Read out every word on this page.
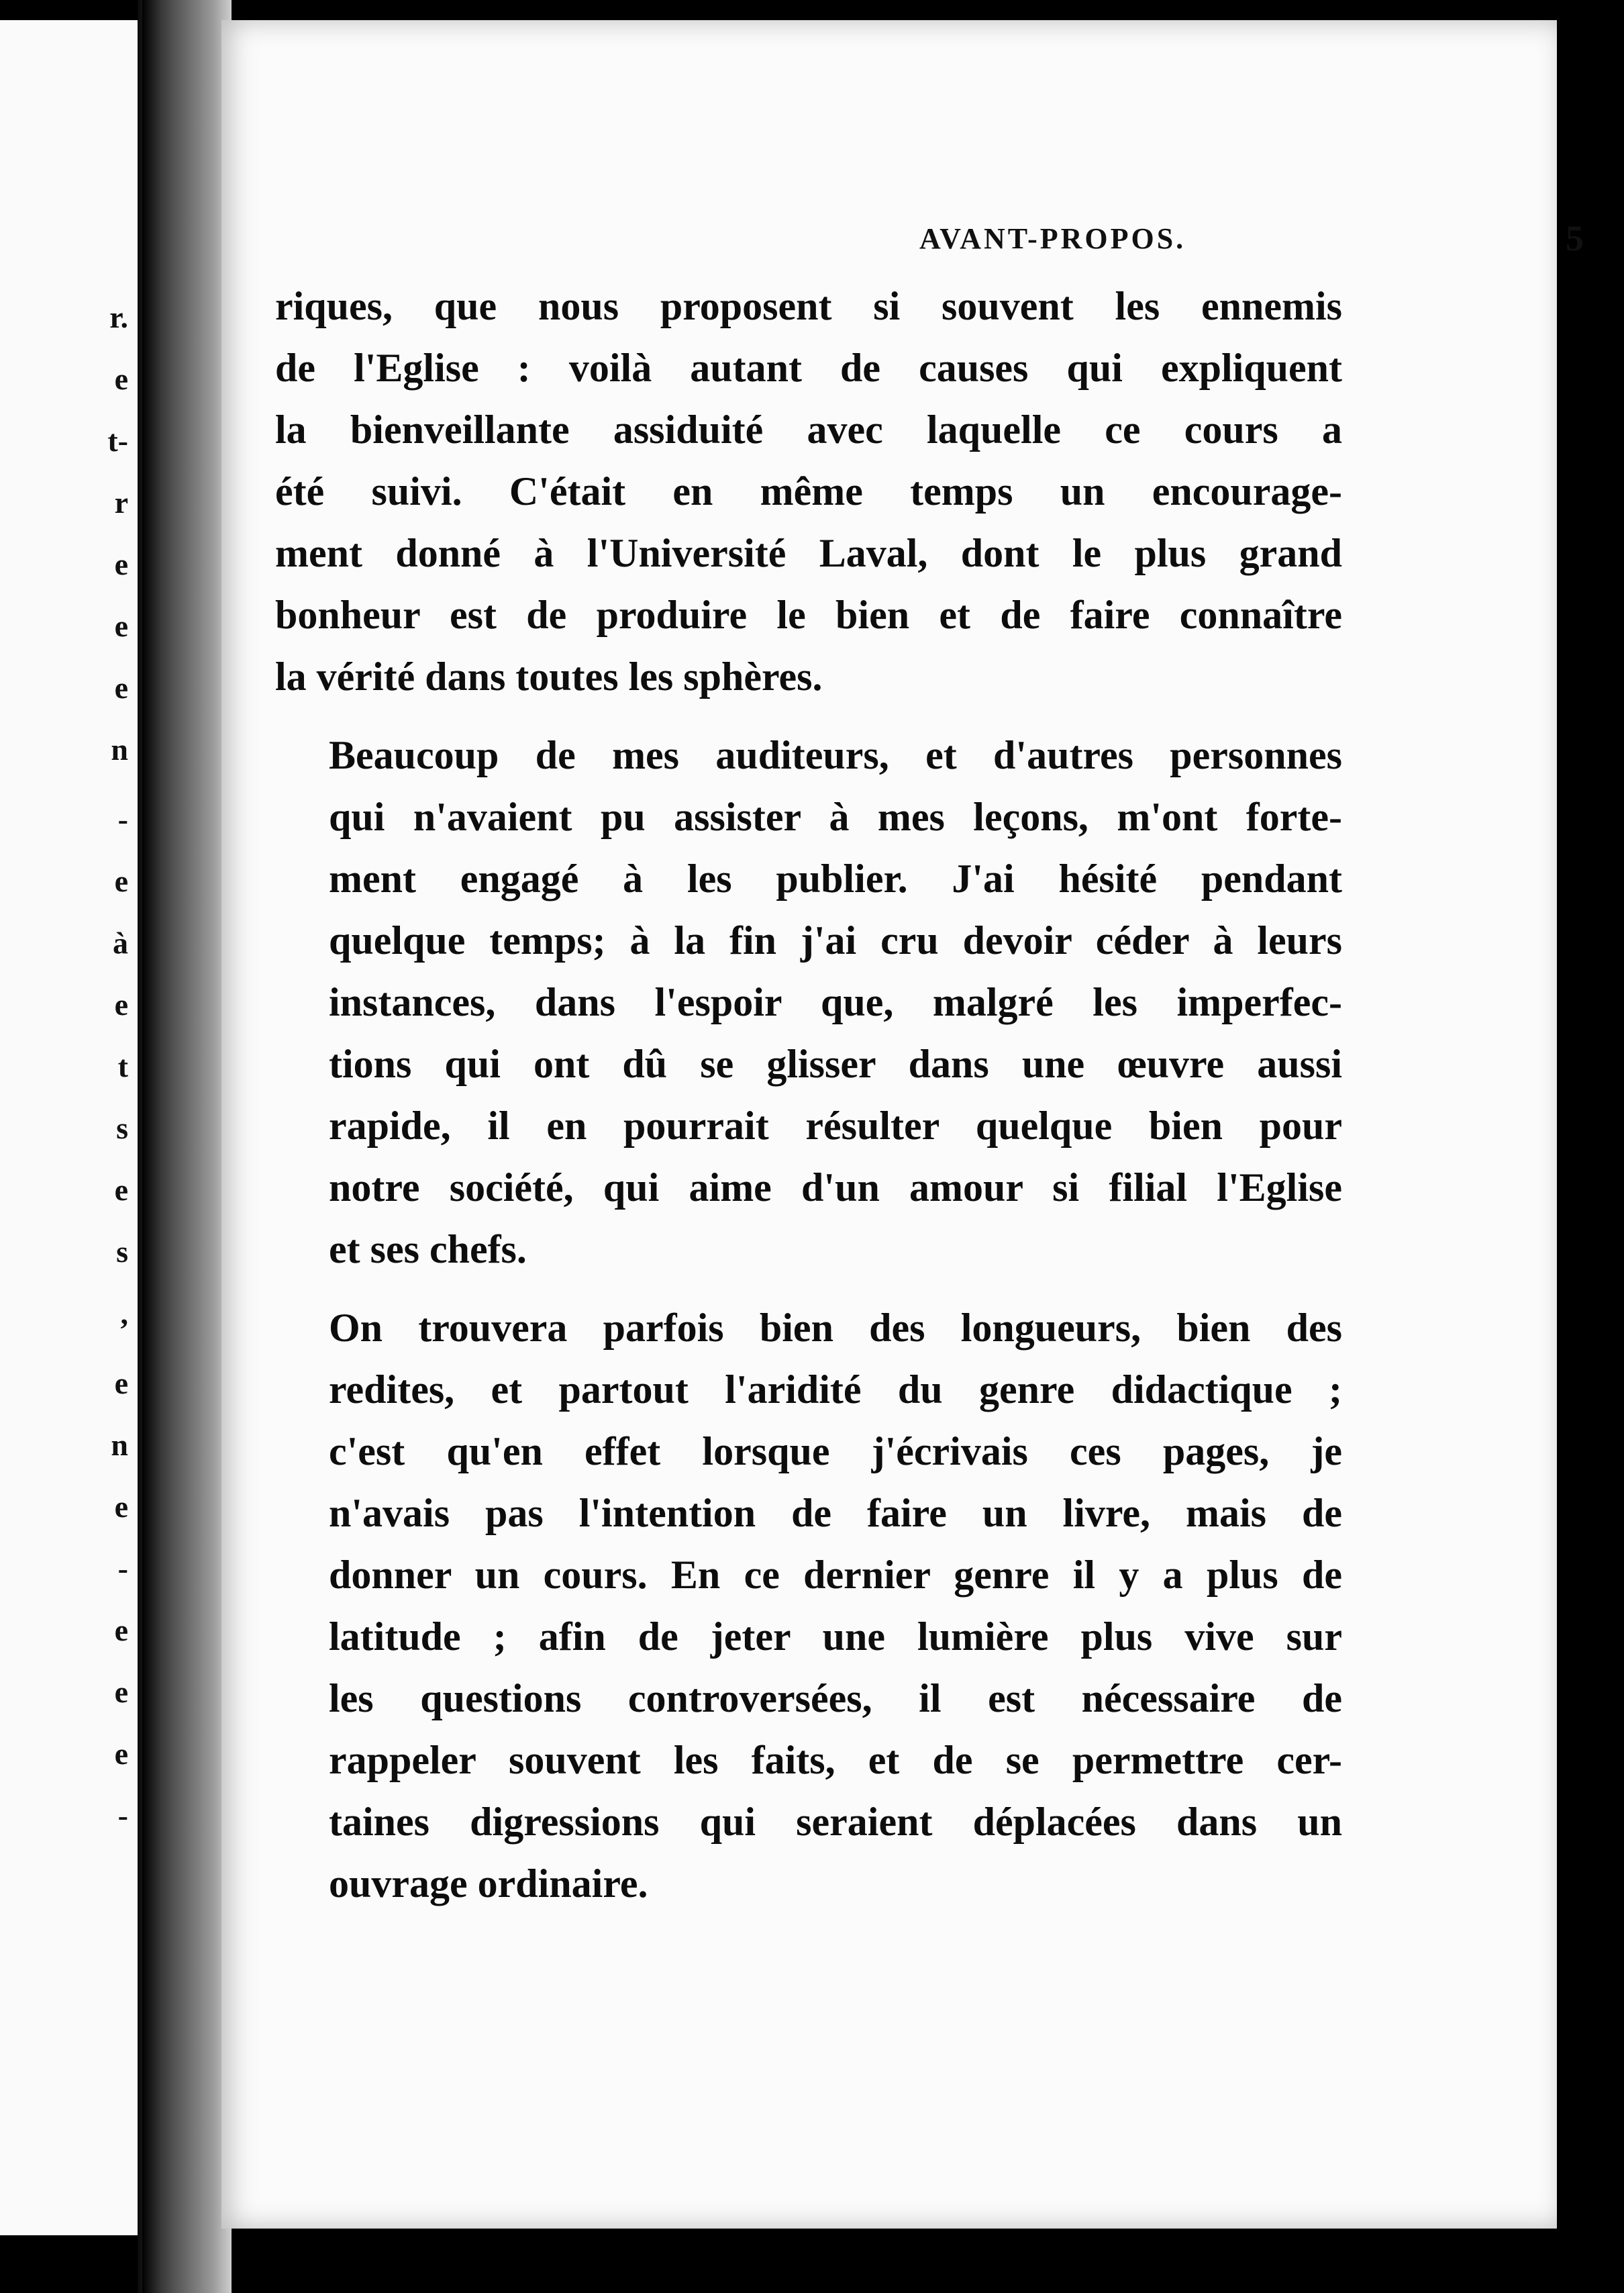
r.
e
t-
r
e
e
e
n
-
e
à
e
t
s
e
s
,
e
n
e
-
e
e
e
-
AVANT-PROPOS.	5
riques, que nous proposent si souvent les ennemis
de l'Eglise : voilà autant de causes qui expliquent
la bienveillante assiduité avec laquelle ce cours a
été suivi. C'était en même temps un encourage-
ment donné à l'Université Laval, dont le plus grand
bonheur est de produire le bien et de faire connaître
la vérité dans toutes les sphères.
Beaucoup de mes auditeurs, et d'autres personnes
qui n'avaient pu assister à mes leçons, m'ont forte-
ment engagé à les publier. J'ai hésité pendant
quelque temps; à la fin j'ai cru devoir céder à leurs
instances, dans l'espoir que, malgré les imperfec-
tions qui ont dû se glisser dans une œuvre aussi
rapide, il en pourrait résulter quelque bien pour
notre société, qui aime d'un amour si filial l'Eglise
et ses chefs.
On trouvera parfois bien des longueurs, bien des
redites, et partout l'aridité du genre didactique ;
c'est qu'en effet lorsque j'écrivais ces pages, je
n'avais pas l'intention de faire un livre, mais de
donner un cours. En ce dernier genre il y a plus de
latitude ; afin de jeter une lumière plus vive sur
les questions controversées, il est nécessaire de
rappeler souvent les faits, et de se permettre cer-
taines digressions qui seraient déplacées dans un
ouvrage ordinaire.
